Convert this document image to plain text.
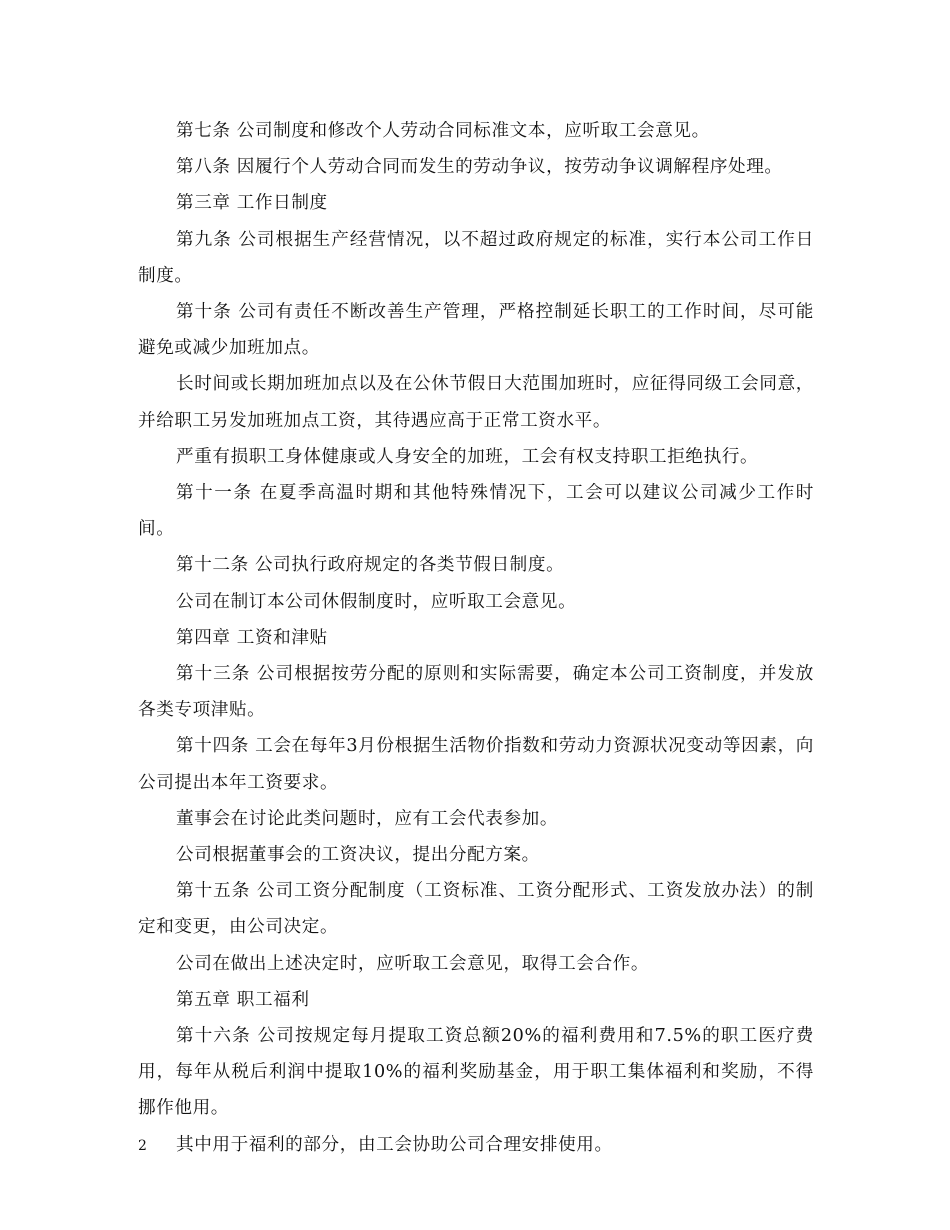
第七条 公司制度和修改个人劳动合同标准文本，应听取工会意见。

第八条 因履行个人劳动合同而发生的劳动争议，按劳动争议调解程序处理。

第三章 工作日制度

第九条 公司根据生产经营情况，以不超过政府规定的标准，实行本公司工作日制度。

第十条 公司有责任不断改善生产管理，严格控制延长职工的工作时间，尽可能避免或减少加班加点。

长时间或长期加班加点以及在公休节假日大范围加班时，应征得同级工会同意，并给职工另发加班加点工资，其待遇应高于正常工资水平。

严重有损职工身体健康或人身安全的加班，工会有权支持职工拒绝执行。

第十一条 在夏季高温时期和其他特殊情况下，工会可以建议公司减少工作时间。

第十二条 公司执行政府规定的各类节假日制度。

公司在制订本公司休假制度时，应听取工会意见。

第四章 工资和津贴

第十三条 公司根据按劳分配的原则和实际需要，确定本公司工资制度，并发放各类专项津贴。

第十四条 工会在每年3月份根据生活物价指数和劳动力资源状况变动等因素，向公司提出本年工资要求。

董事会在讨论此类问题时，应有工会代表参加。

公司根据董事会的工资决议，提出分配方案。

第十五条 公司工资分配制度（工资标准、工资分配形式、工资发放办法）的制定和变更，由公司决定。

公司在做出上述决定时，应听取工会意见，取得工会合作。

第五章 职工福利

第十六条 公司按规定每月提取工资总额20%的福利费用和7.5%的职工医疗费用，每年从税后利润中提取10%的福利奖励基金，用于职工集体福利和奖励，不得挪作他用。

其中用于福利的部分，由工会协助公司合理安排使用。

2
